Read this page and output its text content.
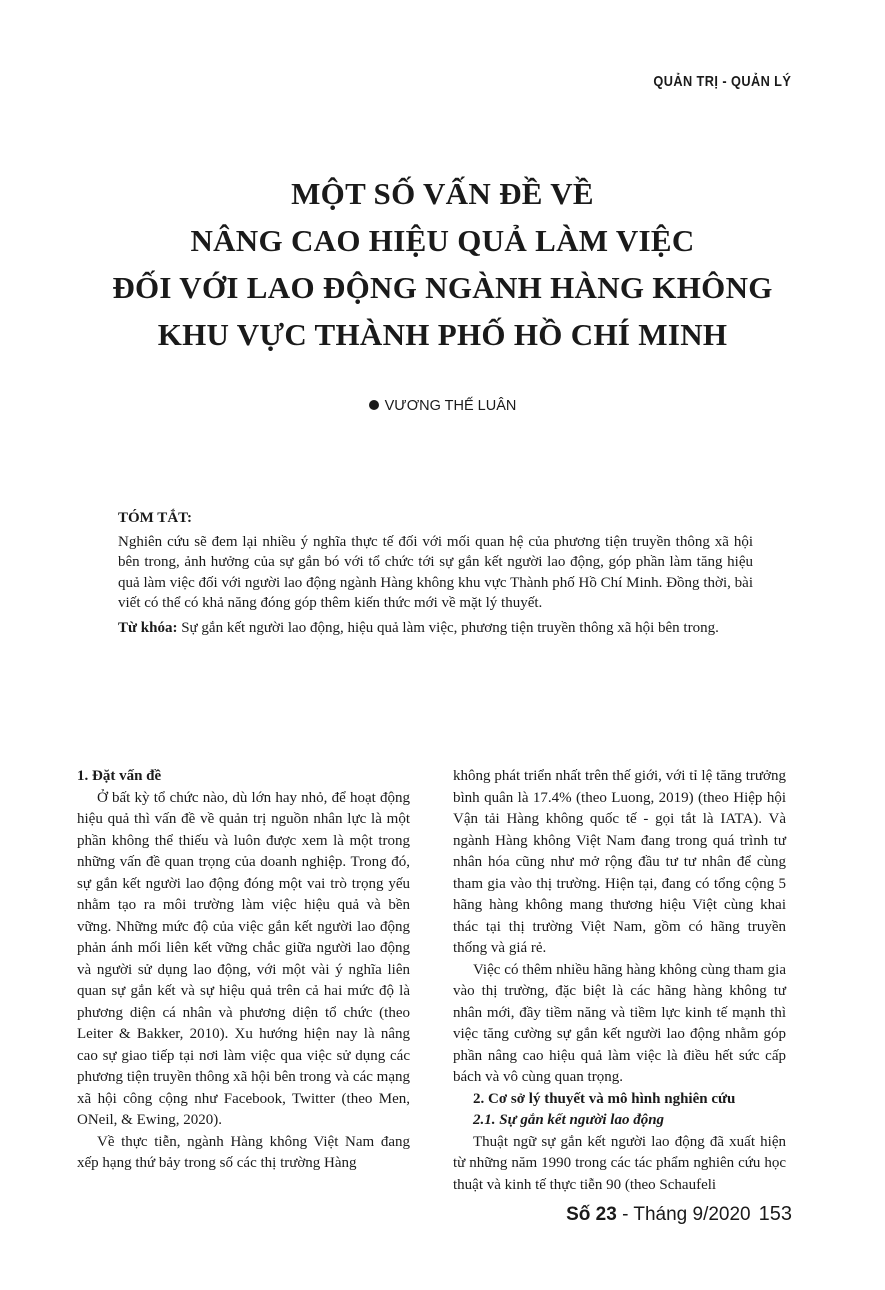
QUẢN TRỊ - QUẢN LÝ
MỘT SỐ VẤN ĐỀ VỀ
NÂNG CAO HIỆU QUẢ LÀM VIỆC
ĐỐI VỚI LAO ĐỘNG NGÀNH HÀNG KHÔNG
KHU VỰC THÀNH PHỐ HỒ CHÍ MINH
VƯƠNG THẾ LUÂN
TÓM TẮT:

Nghiên cứu sẽ đem lại nhiều ý nghĩa thực tế đối với mối quan hệ của phương tiện truyền thông xã hội bên trong, ảnh hưởng của sự gắn bó với tổ chức tới sự gắn kết người lao động, góp phần làm tăng hiệu quả làm việc đối với người lao động ngành Hàng không khu vực Thành phố Hồ Chí Minh. Đồng thời, bài viết có thể có khả năng đóng góp thêm kiến thức mới về mặt lý thuyết.

Từ khóa: Sự gắn kết người lao động, hiệu quả làm việc, phương tiện truyền thông xã hội bên trong.

1. Đặt vấn đề

Ở bất kỳ tổ chức nào, dù lớn hay nhỏ, để hoạt động hiệu quả thì vấn đề về quản trị nguồn nhân lực là một phần không thể thiếu và luôn được xem là một trong những vấn đề quan trọng của doanh nghiệp. Trong đó, sự gắn kết người lao động đóng một vai trò trọng yếu nhằm tạo ra môi trường làm việc hiệu quả và bền vững. Những mức độ của việc gắn kết người lao động phản ánh mối liên kết vững chắc giữa người lao động và người sử dụng lao động, với một vài ý nghĩa liên quan sự gắn kết và sự hiệu quả trên cả hai mức độ là phương diện cá nhân và phương diện tổ chức (theo Leiter & Bakker, 2010). Xu hướng hiện nay là nâng cao sự giao tiếp tại nơi làm việc qua việc sử dụng các phương tiện truyền thông xã hội bên trong và các mạng xã hội công cộng như Facebook, Twitter (theo Men, ONeil, & Ewing, 2020).

Về thực tiễn, ngành Hàng không Việt Nam đang xếp hạng thứ bảy trong số các thị trường Hàng

không phát triển nhất trên thế giới, với tỉ lệ tăng trưởng bình quân là 17.4% (theo Luong, 2019) (theo Hiệp hội Vận tải Hàng không quốc tế - gọi tắt là IATA). Và ngành Hàng không Việt Nam đang trong quá trình tư nhân hóa cũng như mở rộng đầu tư tư nhân để cùng tham gia vào thị trường. Hiện tại, đang có tổng cộng 5 hãng hàng không mang thương hiệu Việt cùng khai thác tại thị trường Việt Nam, gồm có hãng truyền thống và giá rẻ.

Việc có thêm nhiều hãng hàng không cùng tham gia vào thị trường, đặc biệt là các hãng hàng không tư nhân mới, đầy tiềm năng và tiềm lực kinh tế mạnh thì việc tăng cường sự gắn kết người lao động nhằm góp phần nâng cao hiệu quả làm việc là điều hết sức cấp bách và vô cùng quan trọng.

2. Cơ sở lý thuyết và mô hình nghiên cứu
2.1. Sự gắn kết người lao động

Thuật ngữ sự gắn kết người lao động đã xuất hiện từ những năm 1990 trong các tác phẩm nghiên cứu học thuật và kinh tế thực tiễn 90 (theo Schaufeli

Số 23 - Tháng 9/2020 153
